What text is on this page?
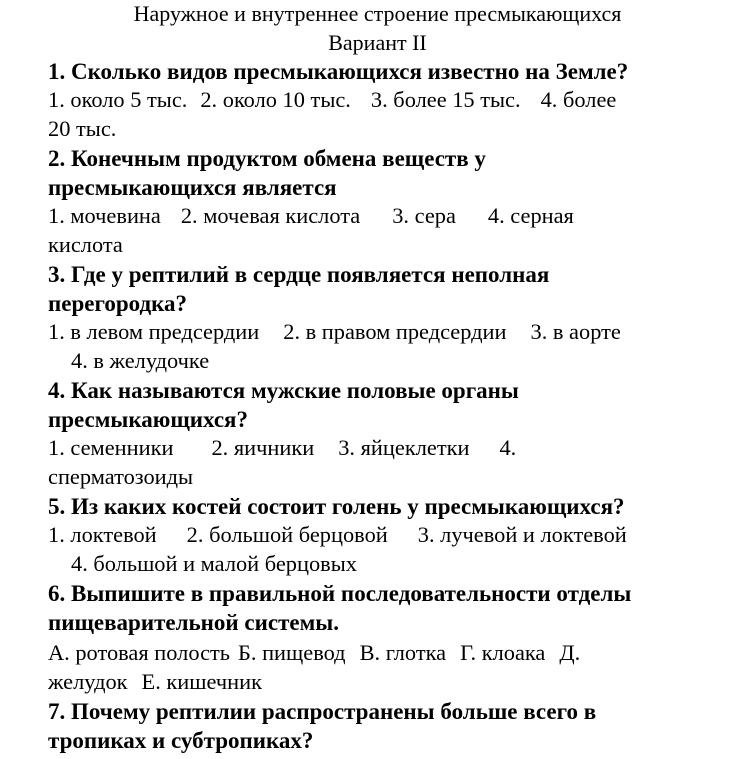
Наружное и внутреннее строение пресмыкающихся
Вариант II
1. Сколько видов пресмыкающихся известно на Земле?
1. около 5 тыс. 2. около 10 тыс. 3. более 15 тыс. 4. более
20 тыс.
2. Конечным продуктом обмена веществ у
пресмыкающихся является
1. мочевина 2. мочевая кислота 3. сера 4. серная
кислота
3. Где у рептилий в сердце появляется неполная
перегородка?
1. в левом предсердии 2. в правом предсердии 3. в аорте
4. в желудочке
4. Как называются мужские половые органы
пресмыкающихся?
1. семенники 2. яичники 3. яйцеклетки 4.
сперматозоиды
5. Из каких костей состоит голень у пресмыкающихся?
1. локтевой 2. большой берцовой 3. лучевой и локтевой
4. большой и малой берцовых
6. Выпишите в правильной последовательности отделы
пищеварительной системы.
А. ротовая полость Б. пищевод В. глотка Г. клоака Д.
желудок Е. кишечник
7. Почему рептилии распространены больше всего в
тропиках и субтропиках?
